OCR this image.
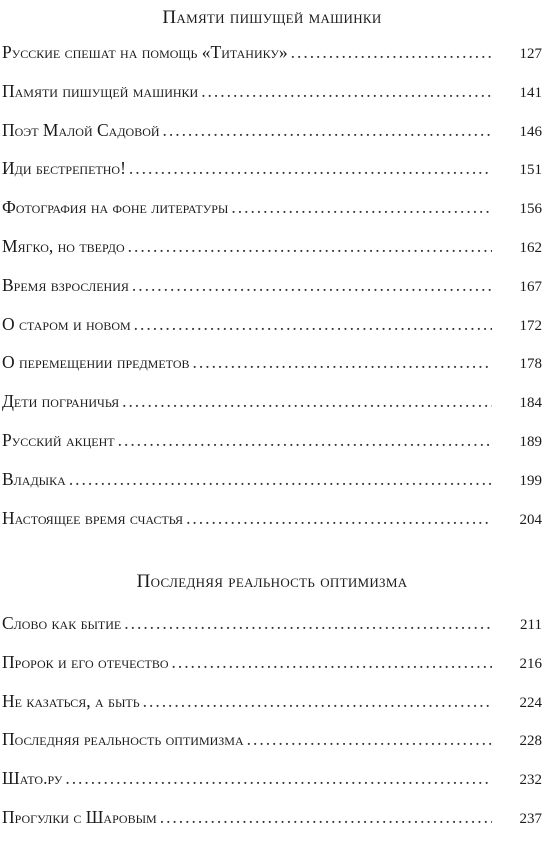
Памяти пишущей машинки
Русские спешат на помощь «Титанику» . . .	127
Памяти пишущей машинки . . .	141
Поэт Малой Садовой . . .	146
Иди бестрепетно! . . .	151
Фотография на фоне литературы . . .	156
Мягко, но твердо . . .	162
Время взросления . . .	167
О старом и новом . . .	172
О перемещении предметов . . .	178
Дети пограничья . . .	184
Русский акцент . . .	189
Владыка . . .	199
Настоящее время счастья . . .	204
Последняя реальность оптимизма
Слово как бытие . . .	211
Пророк и его отечество . . .	216
Не казаться, а быть . . .	224
Последняя реальность оптимизма . . .	228
Шато.ру . . .	232
Прогулки с Шаровым . . .	237
